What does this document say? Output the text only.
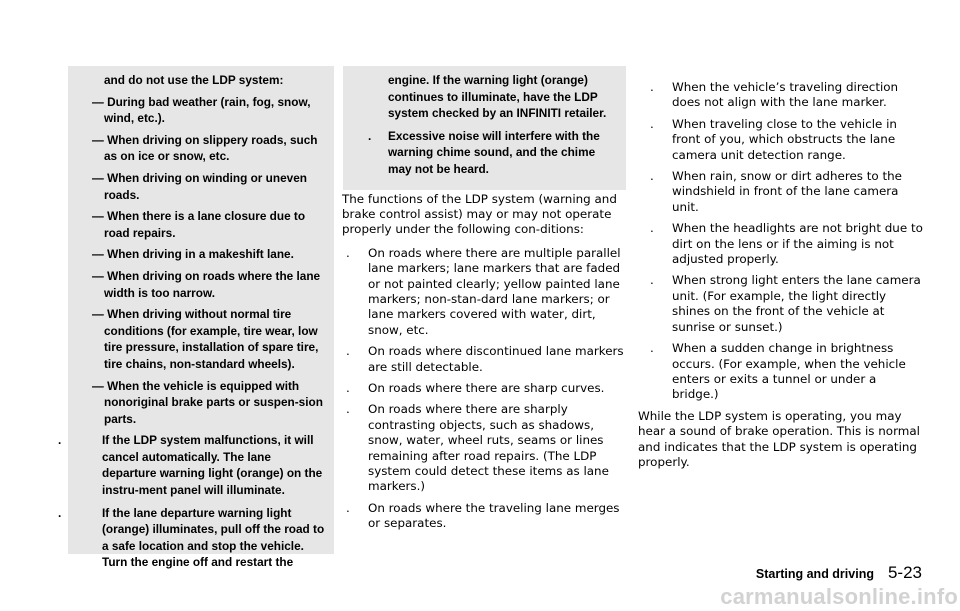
and do not use the LDP system:

— During bad weather (rain, fog, snow, wind, etc.).

— When driving on slippery roads, such as on ice or snow, etc.

— When driving on winding or uneven roads.

— When there is a lane closure due to road repairs.

— When driving in a makeshift lane.

— When driving on roads where the lane width is too narrow.

— When driving without normal tire conditions (for example, tire wear, low tire pressure, installation of spare tire, tire chains, non-standard wheels).

— When the vehicle is equipped with nonoriginal brake parts or suspen-sion parts.

.	If the LDP system malfunctions, it will cancel automatically. The lane departure warning light (orange) on the instru-ment panel will illuminate.
.	If the lane departure warning light (orange) illuminates, pull off the road to a safe location and stop the vehicle. Turn the engine off and restart the
engine. If the warning light (orange) continues to illuminate, have the LDP system checked by an INFINITI retailer.
. Excessive noise will interfere with the warning chime sound, and the chime may not be heard.
The functions of the LDP system (warning and brake control assist) may or may not operate properly under the following con-ditions:
. On roads where there are multiple parallel lane markers; lane markers that are faded or not painted clearly; yellow painted lane markers; non-stan-dard lane markers; or lane markers covered with water, dirt, snow, etc.
. On roads where discontinued lane markers are still detectable.
. On roads where there are sharp curves.
. On roads where there are sharply contrasting objects, such as shadows, snow, water, wheel ruts, seams or lines remaining after road repairs. (The LDP system could detect these items as lane markers.)
. On roads where the traveling lane merges or separates.
. When the vehicle’s traveling direction does not align with the lane marker.
. When traveling close to the vehicle in front of you, which obstructs the lane camera unit detection range.
. When rain, snow or dirt adheres to the windshield in front of the lane camera unit.
. When the headlights are not bright due to dirt on the lens or if the aiming is not adjusted properly.
. When strong light enters the lane camera unit. (For example, the light directly shines on the front of the vehicle at sunrise or sunset.)
. When a sudden change in brightness occurs. (For example, when the vehicle enters or exits a tunnel or under a bridge.)
While the LDP system is operating, you may hear a sound of brake operation. This is normal and indicates that the LDP system is operating properly.
Starting and driving 5-23
carmanualsonline.info
